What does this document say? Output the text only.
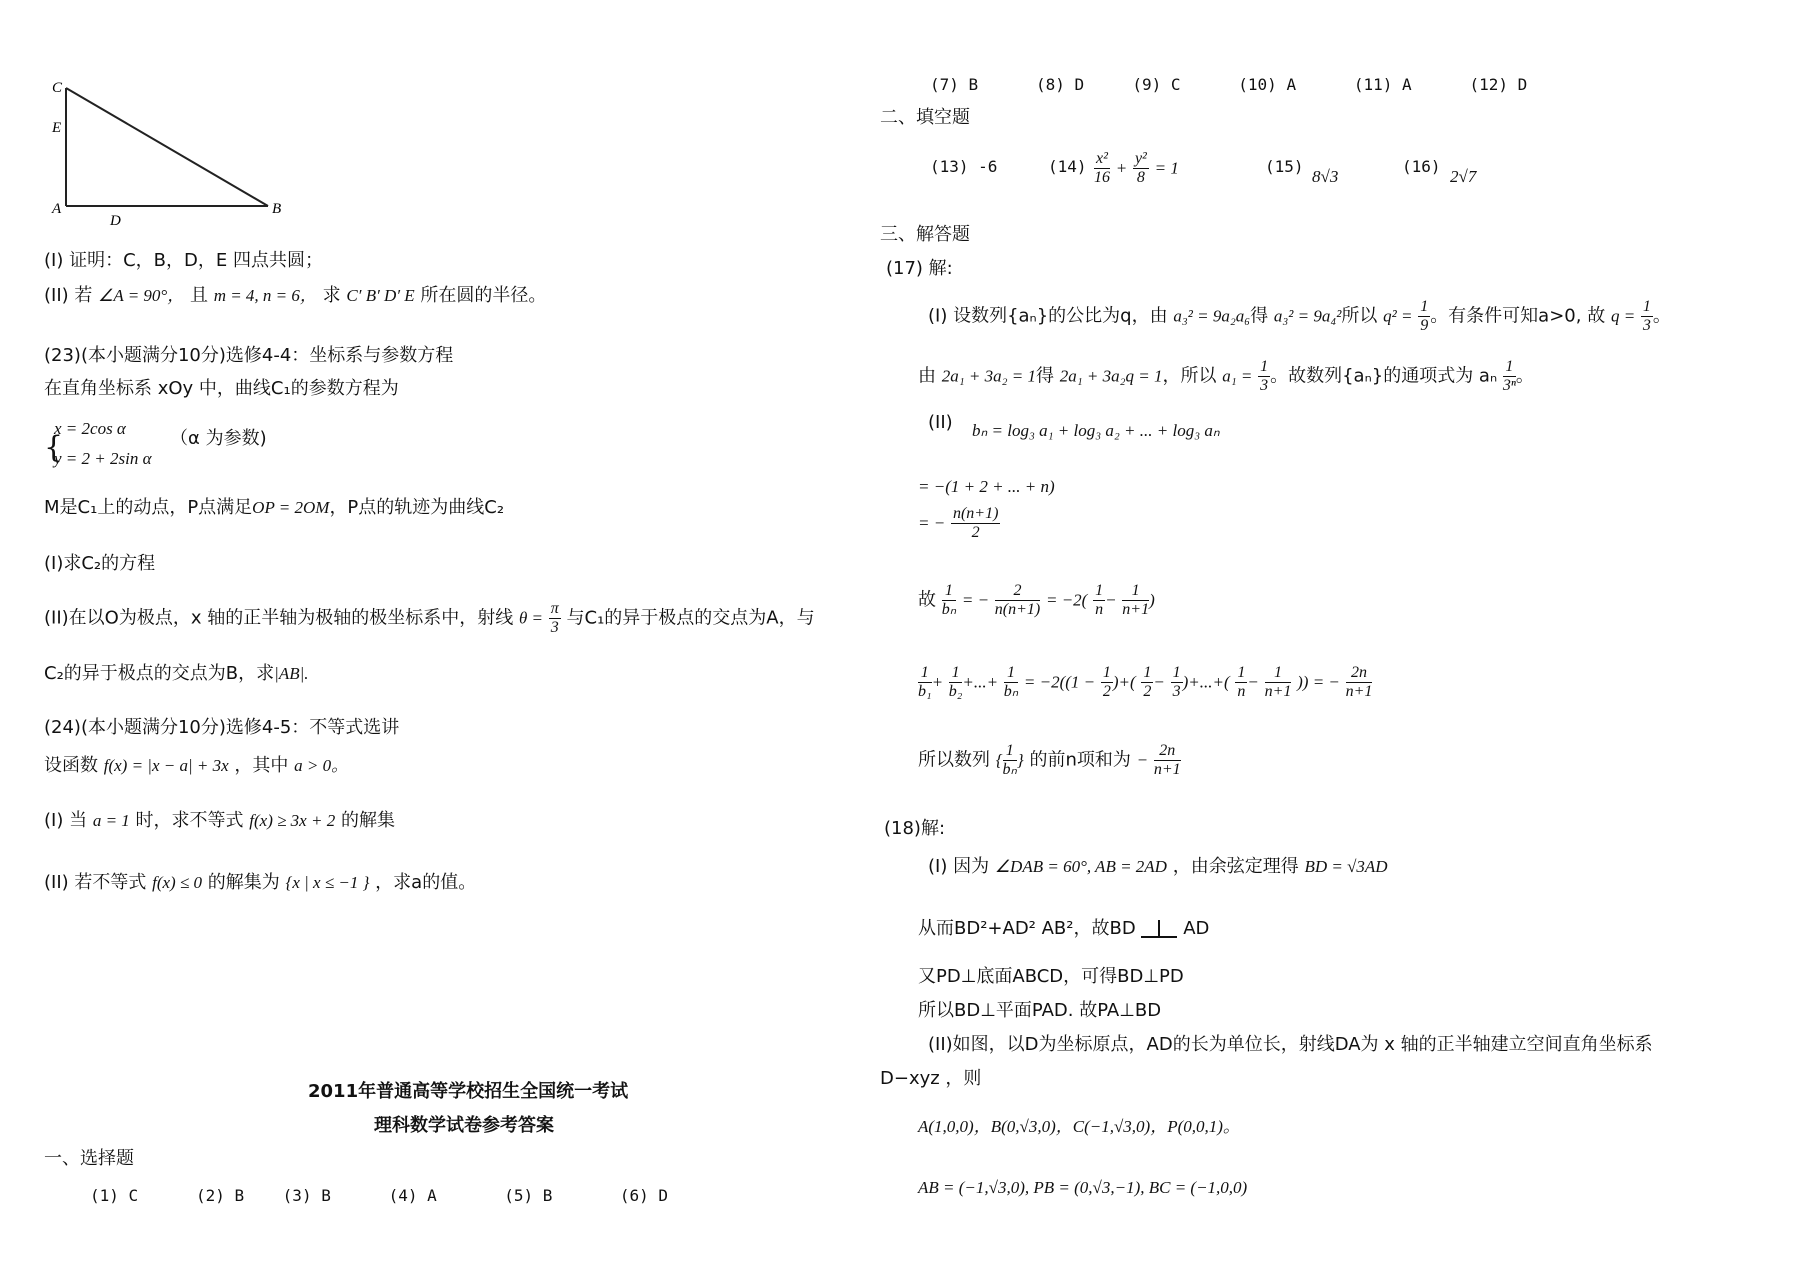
C
E
A
D
B
(I) 证明：C，B，D，E 四点共圆；
(II) 若 ∠A = 90°， 且 m = 4, n = 6， 求 C′ B′ D′ E 所在圆的半径。
(23)(本小题满分10分)选修4-4：坐标系与参数方程
在直角坐标系 xOy 中，曲线C₁的参数方程为
x = 2cos α
y = 2 + 2sin α
{	（α 为参数)
M是C₁上的动点，P点满足OP = 2OM，P点的轨迹为曲线C₂
(I)求C₂的方程
(II)在以O为极点，x 轴的正半轴为极轴的极坐标系中，射线 $\theta = \frac{\pi}{3}$ 与C₁的异于极点的交点为A，与
C₂的异于极点的交点为B，求|AB|.
(24)(本小题满分10分)选修4-5：不等式选讲
设函数 f(x) = |x − a| + 3x ，其中 a > 0。
(I) 当 a = 1 时，求不等式 f(x) ≥ 3x + 2 的解集
(II) 若不等式 f(x) ≤ 0 的解集为 {x | x ≤ −1 } ，求a的值。
2011年普通高等学校招生全国统一考试
理科数学试卷参考答案
一、选择题
(1) C	(2) B (3) B	(4) A	(5) B	(6) D
(7) B	(8) D	(9) C	(10) A	(11) A	(12) D
二、填空题
(13) -6	$(14) \frac{\text{x²}}{16} + \frac{\text{y²}}{8} = 1$	(15)
8√3
(16)
2√7
三、解答题
(17) 解:
(I) 设数列{aₙ}的公比为q，由 a₃² = 9a₂a₆得 a₃² = 9a₄²所以 $q^2 = \frac{1}{9}$ 。有条件可知a>0, 故 $q = \frac{1}{3}$ 。
由 2a₁ + 3a₂ = 1得 2a₁ + 3a₂q = 1，所以 $a_1 = \frac{1}{3}$ 。故数列{aₙ}的通项式为 aₙ $\frac{1}{\text{3ⁿ}}$ 。
(II) bₙ = log₃ a₁ + log₃ a₂ + ... + log₃ aₙ
= −(1 + 2 + ... + n)
= − $\frac{n(n+1)}{2}$
故 $\frac{1}{\text{bₙ}}$ = − $\frac{2}{n(n+1)} = -2( \frac{1}{n} - \frac{1}{n+1}$ )
$\frac{1}{\text{b₁}} + \frac{1}{\text{b₂}}$ +...+ $\frac{1}{\text{bₙ}} = -2((1 - \frac{1}{2}$ )+( $\frac{1}{2} - \frac{1}{3}$ )+...+( $\frac{1}{n} - \frac{1}{n+1}$ )) = − $\frac{2n}{n+1}$
所以数列 { $\frac{1}{\text{bₙ}}$ } 的前n项和为 − $\frac{2n}{n+1}$
(18)解:
(I) 因为 ∠DAB = 60°, AB = 2AD ，由余弦定理得 BD = √3AD
从而BD²+AD² AB²，故BD	AD
又PD⊥底面ABCD，可得BD⊥PD
所以BD⊥平面PAD. 故PA⊥BD
(II)如图，以D为坐标原点，AD的长为单位长，射线DA为 x 轴的正半轴建立空间直角坐标系
D−xyz ，则
A(1,0,0)，B(0,√3,0)，C(−1,√3,0)，P(0,0,1)。
AB = (−1,√3,0), PB = (0,√3,−1), BC = (−1,0,0)
